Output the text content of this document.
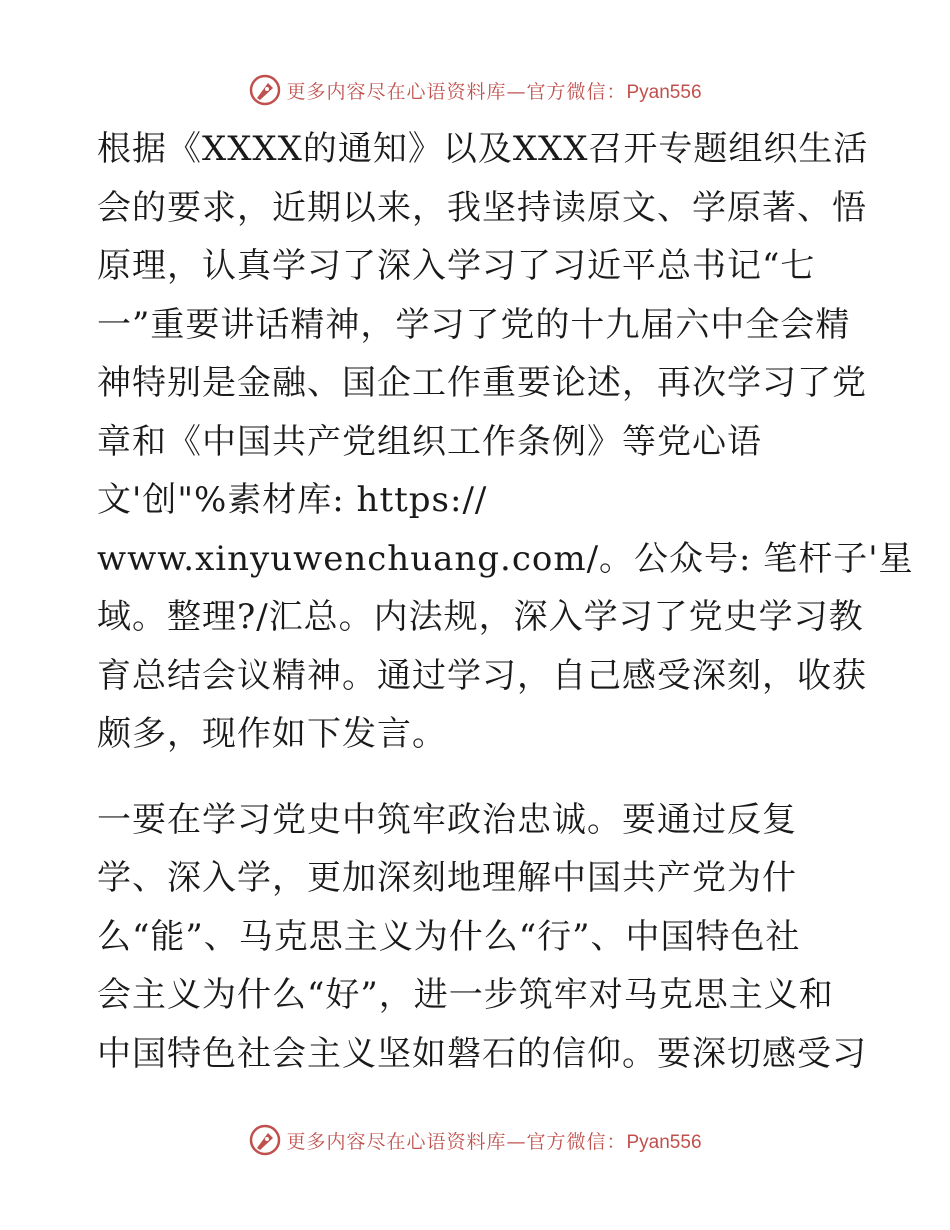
更多内容尽在心语资料库—官方微信：Pyan556
根据《XXXX的通知》以及XXX召开专题组织生活
会的要求，近期以来，我坚持读原文、学原著、悟
原理，认真学习了深入学习了习近平总书记“七
一”重要讲话精神，学习了党的十九届六中全会精
神特别是金融、国企工作重要论述，再次学习了党
章和《中国共产党组织工作条例》等党心语
文'创"%素材库: https://
www.xinyuwenchuang.com/。公众号: 笔杆子'星
域。整理?/汇总。内法规，深入学习了党史学习教
育总结会议精神。通过学习，自己感受深刻，收获
颇多，现作如下发言。
一要在学习党史中筑牢政治忠诚。要通过反复
学、深入学，更加深刻地理解中国共产党为什
么“能”、马克思主义为什么“行”、中国特色社
会主义为什么“好”，进一步筑牢对马克思主义和
中国特色社会主义坚如磐石的信仰。要深切感受习
更多内容尽在心语资料库—官方微信：Pyan556
